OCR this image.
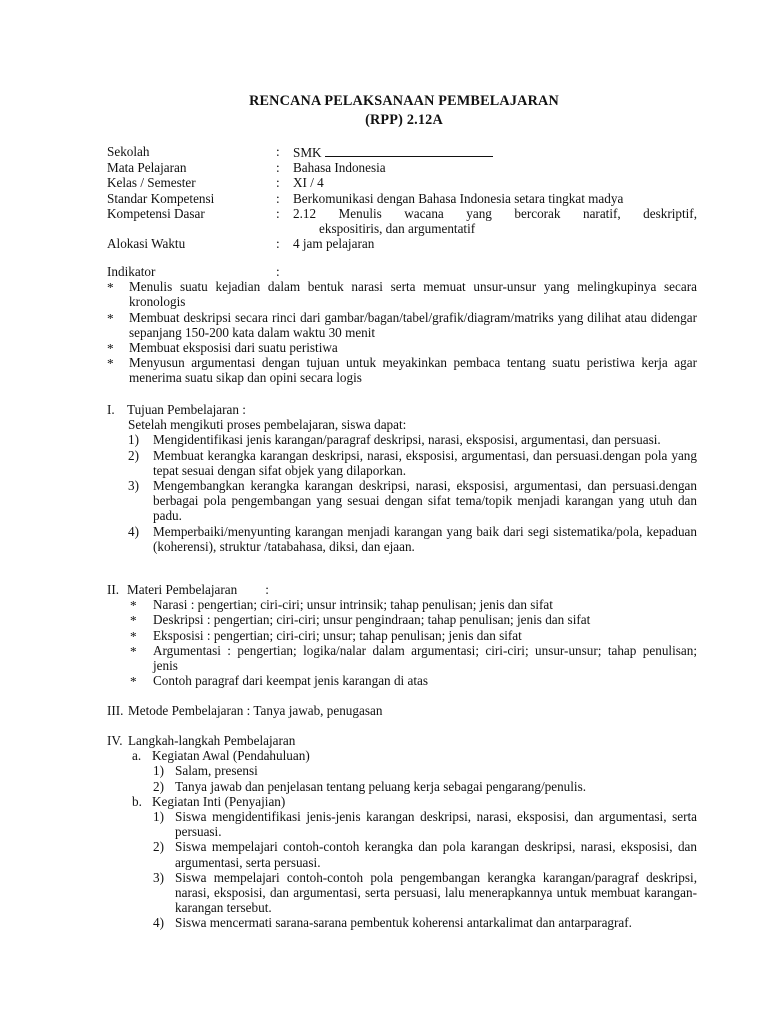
RENCANA PELAKSANAAN PEMBELAJARAN
(RPP) 2.12A
Sekolah	: SMK
Mata Pelajaran	: Bahasa Indonesia
Kelas / Semester	: XI / 4
Standar Kompetensi	: Berkomunikasi dengan Bahasa Indonesia setara tingkat madya
Kompetensi Dasar	: 2.12 Menulis wacana yang bercorak naratif, deskriptif,
ekspositiris, dan argumentatif
Alokasi Waktu	: 4 jam pelajaran
Indikator	:

* Menulis suatu kejadian dalam bentuk narasi serta memuat unsur-unsur yang melingkupinya secara kronologis
* Membuat deskripsi secara rinci dari gambar/bagan/tabel/grafik/diagram/matriks yang dilihat atau didengar sepanjang 150-200 kata dalam waktu 30 menit
* Membuat eksposisi dari suatu peristiwa
* Menyusun argumentasi dengan tujuan untuk meyakinkan pembaca tentang suatu peristiwa kerja agar menerima suatu sikap dan opini secara logis
I. Tujuan Pembelajaran :
Setelah mengikuti proses pembelajaran, siswa dapat:
1) Mengidentifikasi jenis karangan/paragraf deskripsi, narasi, eksposisi, argumentasi, dan persuasi.
2) Membuat kerangka karangan deskripsi, narasi, eksposisi, argumentasi, dan persuasi.dengan pola yang tepat sesuai dengan sifat objek yang dilaporkan.
3) Mengembangkan kerangka karangan deskripsi, narasi, eksposisi, argumentasi, dan persuasi.dengan berbagai pola pengembangan yang sesuai dengan sifat tema/topik menjadi karangan yang utuh dan padu.
4) Memperbaiki/menyunting karangan menjadi karangan yang baik dari segi sistematika/pola, kepaduan (koherensi), struktur /tatabahasa, diksi, dan ejaan.
II. Materi Pembelajaran :
* Narasi : pengertian; ciri-ciri; unsur intrinsik; tahap penulisan; jenis dan sifat
* Deskripsi : pengertian; ciri-ciri; unsur pengindraan; tahap penulisan; jenis dan sifat
* Eksposisi : pengertian; ciri-ciri; unsur; tahap penulisan; jenis dan sifat
* Argumentasi : pengertian; logika/nalar dalam argumentasi; ciri-ciri; unsur-unsur; tahap penulisan; jenis
* Contoh paragraf dari keempat jenis karangan di atas
III. Metode Pembelajaran : Tanya jawab, penugasan
IV. Langkah-langkah Pembelajaran
a. Kegiatan Awal (Pendahuluan)
1) Salam, presensi
2) Tanya jawab dan penjelasan tentang peluang kerja sebagai pengarang/penulis.
b. Kegiatan Inti (Penyajian)
1) Siswa mengidentifikasi jenis-jenis karangan deskripsi, narasi, eksposisi, dan argumentasi, serta persuasi.
2) Siswa mempelajari contoh-contoh kerangka dan pola karangan deskripsi, narasi, eksposisi, dan argumentasi, serta persuasi.
3) Siswa mempelajari contoh-contoh pola pengembangan kerangka karangan/paragraf deskripsi, narasi, eksposisi, dan argumentasi, serta persuasi, lalu menerapkannya untuk membuat karangan-karangan tersebut.
4) Siswa mencermati sarana-sarana pembentuk koherensi antarkalimat dan antarparagraf.
